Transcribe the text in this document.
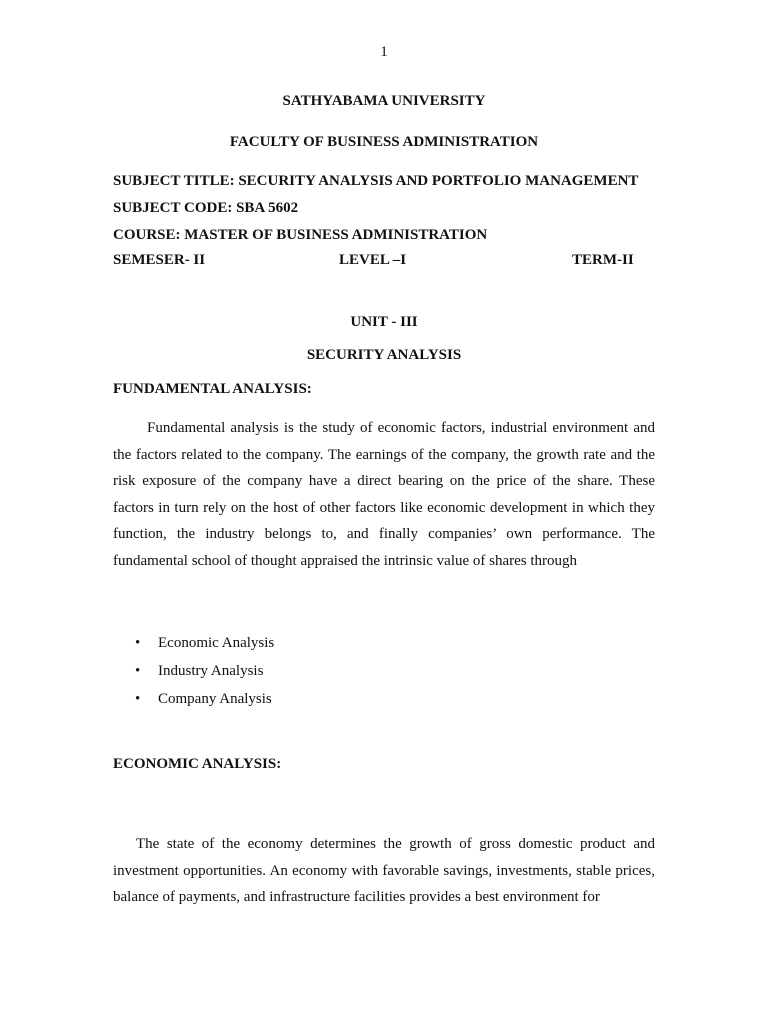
1

SATHYABAMA UNIVERSITY

FACULTY OF BUSINESS ADMINISTRATION

SUBJECT TITLE: SECURITY ANALYSIS AND PORTFOLIO MANAGEMENT

SUBJECT CODE: SBA 5602

COURSE: MASTER OF BUSINESS ADMINISTRATION

SEMESER- II	LEVEL –I	TERM-II

UNIT - III

SECURITY ANALYSIS

FUNDAMENTAL ANALYSIS:

Fundamental analysis is the study of economic factors, industrial environment and the factors related to the company. The earnings of the company, the growth rate and the risk exposure of the company have a direct bearing on the price of the share. These factors in turn rely on the host of other factors like economic development in which they function, the industry belongs to, and finally companies’ own performance. The fundamental school of thought appraised the intrinsic value of shares through

• Economic Analysis
• Industry Analysis
• Company Analysis

ECONOMIC ANALYSIS:

The state of the economy determines the growth of gross domestic product and investment opportunities. An economy with favorable savings, investments, stable prices, balance of payments, and infrastructure facilities provides a best environment for
